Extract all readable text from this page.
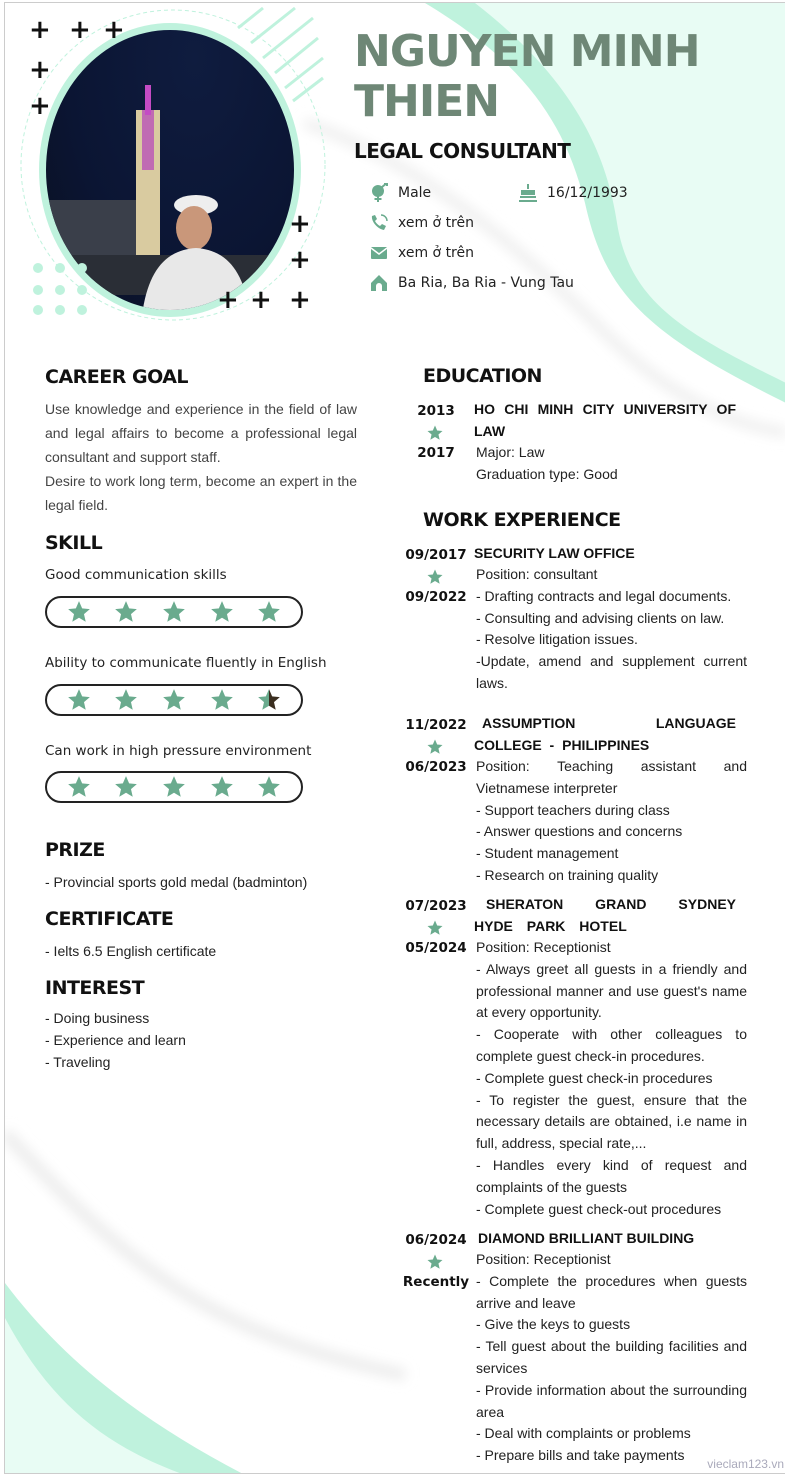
+ + +
+
+
+
+
+
+
+
NGUYEN MINH
THIEN
LEGAL CONSULTANT
Male	16/12/1993
xem ở trên
xem ở trên
Ba Ria, Ba Ria - Vung Tau
CAREER GOAL
Use knowledge and experience in the field of law and legal affairs to become a professional legal consultant and support staff.
Desire to work long term, become an expert in the legal field.
SKILL
Good communication skills
Ability to communicate fluently in English
Can work in high pressure environment
PRIZE
- Provincial sports gold medal (badminton)
CERTIFICATE
- Ielts 6.5 English certificate
INTEREST
- Doing business
- Experience and learn
- Traveling
EDUCATION
2013
2017
HO CHI MINH CITY UNIVERSITY OF LAW

Major: Law

Graduation type: Good

WORK EXPERIENCE
09/2017
09/2022
SECURITY LAW OFFICE

Position: consultant

- Drafting contracts and legal documents.

- Consulting and advising clients on law.

- Resolve litigation issues.

-Update, amend and supplement current laws.

11/2022
06/2023
ASSUMPTION LANGUAGE COLLEGE - PHILIPPINES

Position: Teaching assistant and Vietnamese interpreter

- Support teachers during class

- Answer questions and concerns

- Student management

- Research on training quality

07/2023
05/2024
SHERATON GRAND SYDNEY HYDE PARK HOTEL

Position: Receptionist

- Always greet all guests in a friendly and professional manner and use guest's name at every opportunity.

- Cooperate with other colleagues to complete guest check-in procedures.

- Complete guest check-in procedures

- To register the guest, ensure that the necessary details are obtained, i.e name in full, address, special rate,...

- Handles every kind of request and complaints of the guests

- Complete guest check-out procedures

06/2024
Recently
DIAMOND BRILLIANT BUILDING

Position: Receptionist

- Complete the procedures when guests arrive and leave

- Give the keys to guests

- Tell guest about the building facilities and services

- Provide information about the surrounding area

- Deal with complaints or problems

- Prepare bills and take payments

vieclam123.vn
